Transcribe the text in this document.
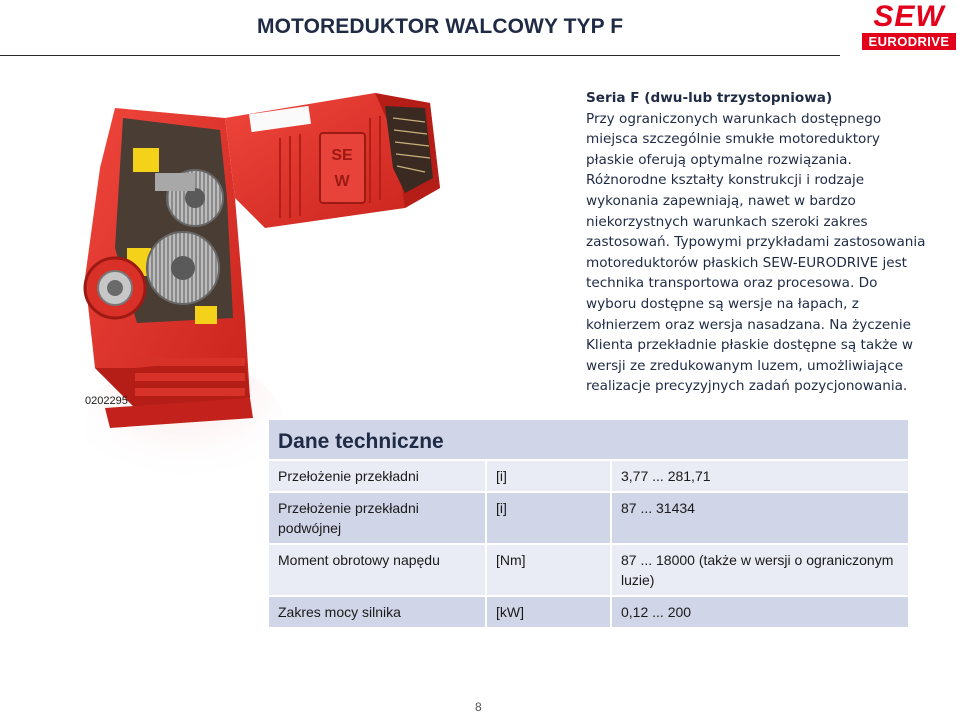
MOTOREDUKTOR WALCOWY TYP F	SEW
EURODRIVE
SE
W
0202295
Seria F (dwu-lub trzystopniowa)
Przy ograniczonych warunkach dostępnego miejsca szczególnie smukłe motoreduktory płaskie oferują optymalne rozwiązania. Różnorodne kształty konstrukcji i rodzaje wykonania zapewniają, nawet w bardzo niekorzystnych warunkach szeroki zakres zastosowań. Typowymi przykładami zastosowania motoreduktorów płaskich SEW-EURODRIVE jest technika transportowa oraz procesowa. Do wyboru dostępne są wersje na łapach, z kołnierzem oraz wersja nasadzana. Na życzenie Klienta przekładnie płaskie dostępne są także w wersji ze zredukowanym luzem, umożliwiające realizacje precyzyjnych zadań pozycjonowania.
Dane techniczne		
Przełożenie przekładni	[i]	3,77 ... 281,71
Przełożenie przekładni podwójnej	[i]	87 ... 31434
Moment obrotowy napędu	[Nm]	87 ... 18000 (także w wersji o ograniczonym luzie)
Zakres mocy silnika	[kW]	0,12 ... 200
8
